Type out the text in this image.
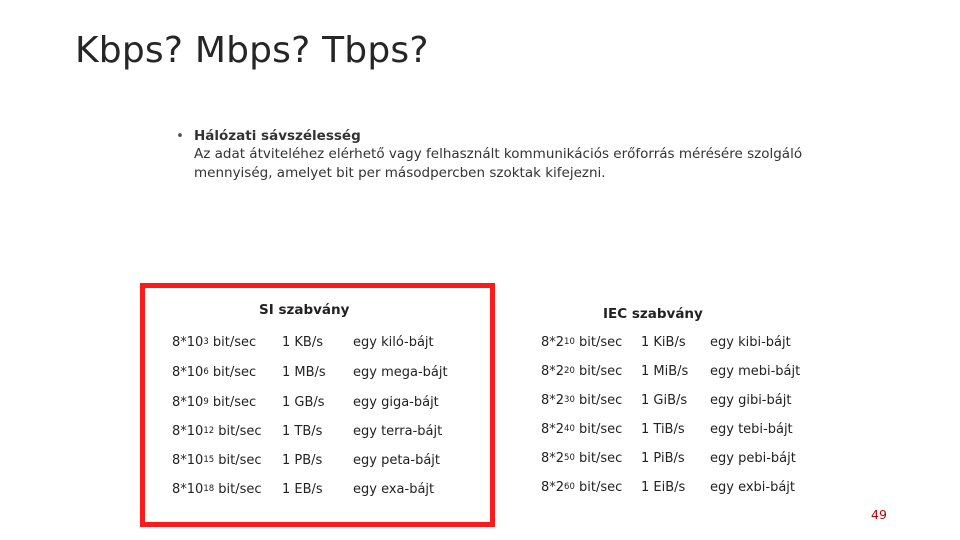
Kbps? Mbps? Tbps?
• Hálózati sávszélesség
Az adat átviteléhez elérhető vagy felhasznált kommunikációs erőforrás mérésére szolgáló mennyiség, amelyet bit per másodpercben szoktak kifejezni.
SI szabvány	IEC szabvány
$8*10^3$ bit/sec 1 KB/s egy kiló-bájt
$8*10^6$ bit/sec 1 MB/s egy mega-bájt
$8*10^9$ bit/sec 1 GB/s egy giga-bájt
$8*10^{12}$ bit/sec 1 TB/s egy terra-bájt
$8*10^{15}$ bit/sec 1 PB/s egy peta-bájt
$8*10^{18}$ bit/sec 1 EB/s egy exa-bájt
$8*2^{10}$ bit/sec 1 KiB/s egy kibi-bájt
$8*2^{20}$ bit/sec 1 MiB/s egy mebi-bájt
$8*2^{30}$ bit/sec 1 GiB/s egy gibi-bájt
$8*2^{40}$ bit/sec 1 TiB/s egy tebi-bájt
$8*2^{50}$ bit/sec 1 PiB/s egy pebi-bájt
$8*2^{60}$ bit/sec 1 EiB/s egy exbi-bájt
49
